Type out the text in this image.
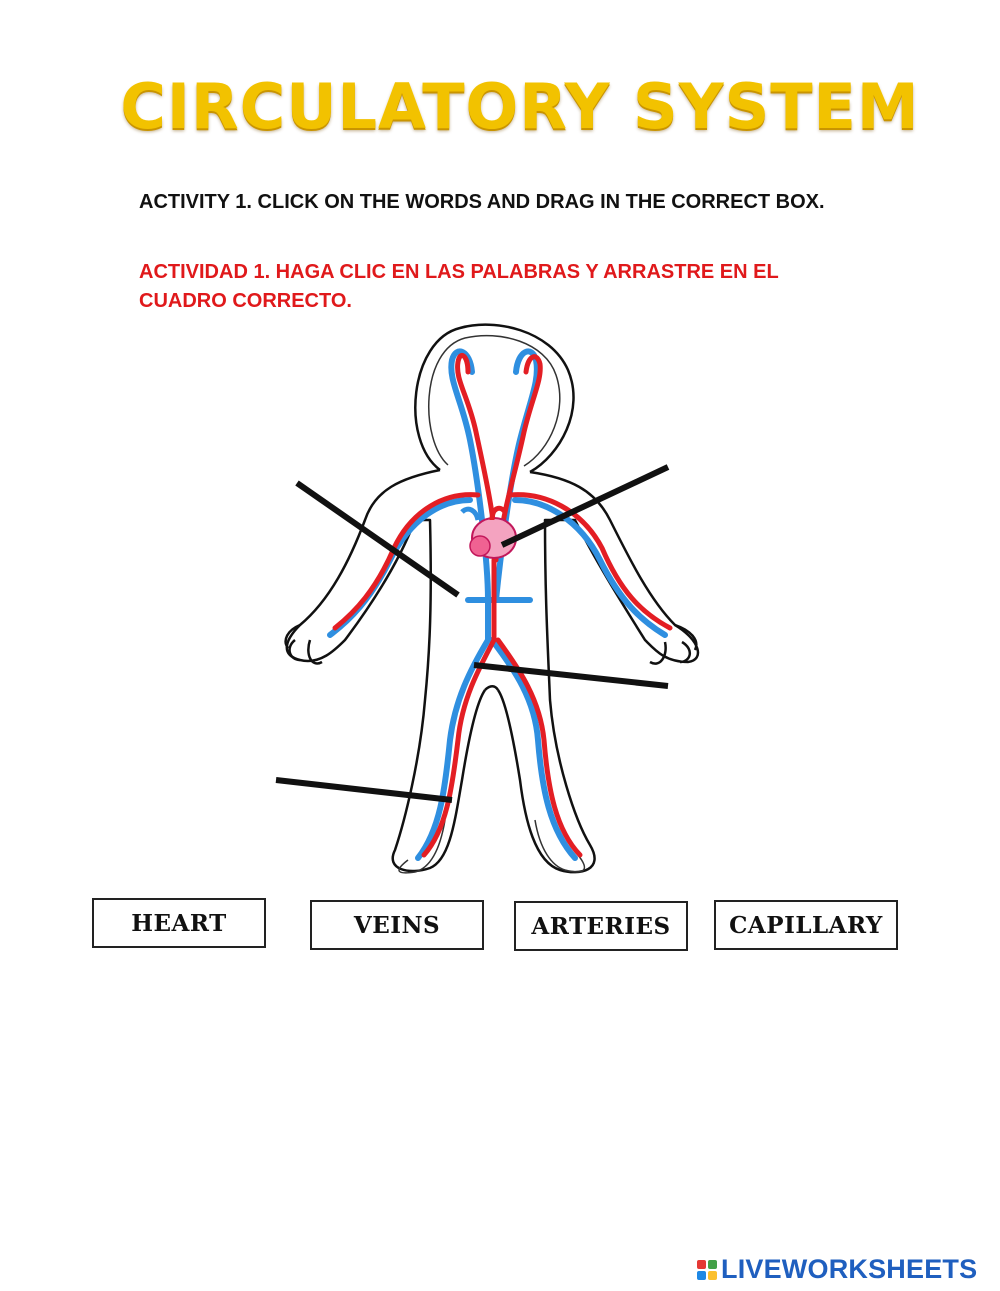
CIRCULATORY SYSTEM
ACTIVITY 1. CLICK ON THE WORDS AND DRAG IN THE CORRECT BOX.
ACTIVIDAD 1. HAGA CLIC EN LAS PALABRAS Y ARRASTRE EN EL CUADRO CORRECTO.
HEART	VEINS	ARTERIES	CAPILLARY
LIVEWORKSHEETS
